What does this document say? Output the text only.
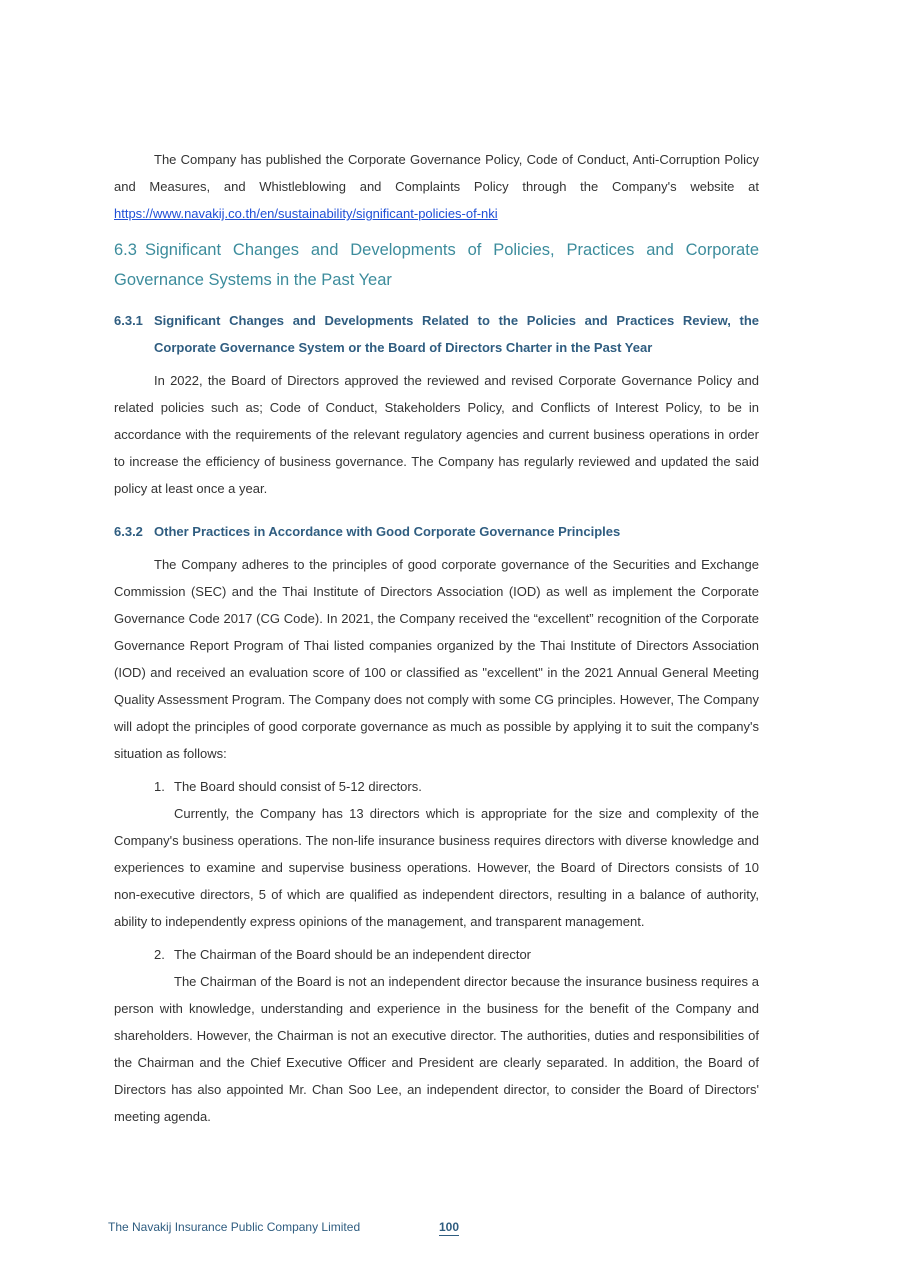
The Company has published the Corporate Governance Policy, Code of Conduct, Anti-Corruption Policy and Measures, and Whistleblowing and Complaints Policy through the Company's website at https://www.navakij.co.th/en/sustainability/significant-policies-of-nki

6.3 Significant Changes and Developments of Policies, Practices and Corporate Governance Systems in the Past Year
6.3.1 Significant Changes and Developments Related to the Policies and Practices Review, the Corporate Governance System or the Board of Directors Charter in the Past Year

In 2022, the Board of Directors approved the reviewed and revised Corporate Governance Policy and related policies such as; Code of Conduct, Stakeholders Policy, and Conflicts of Interest Policy, to be in accordance with the requirements of the relevant regulatory agencies and current business operations in order to increase the efficiency of business governance. The Company has regularly reviewed and updated the said policy at least once a year.

6.3.2 Other Practices in Accordance with Good Corporate Governance Principles

The Company adheres to the principles of good corporate governance of the Securities and Exchange Commission (SEC) and the Thai Institute of Directors Association (IOD) as well as implement the Corporate Governance Code 2017 (CG Code). In 2021, the Company received the “excellent” recognition of the Corporate Governance Report Program of Thai listed companies organized by the Thai Institute of Directors Association (IOD) and received an evaluation score of 100 or classified as "excellent" in the 2021 Annual General Meeting Quality Assessment Program. The Company does not comply with some CG principles. However, The Company will adopt the principles of good corporate governance as much as possible by applying it to suit the company's situation as follows:

1. The Board should consist of 5-12 directors.

Currently, the Company has 13 directors which is appropriate for the size and complexity of the Company's business operations. The non-life insurance business requires directors with diverse knowledge and experiences to examine and supervise business operations. However, the Board of Directors consists of 10 non-executive directors, 5 of which are qualified as independent directors, resulting in a balance of authority, ability to independently express opinions of the management, and transparent management.

2. The Chairman of the Board should be an independent director

The Chairman of the Board is not an independent director because the insurance business requires a person with knowledge, understanding and experience in the business for the benefit of the Company and shareholders. However, the Chairman is not an executive director. The authorities, duties and responsibilities of the Chairman and the Chief Executive Officer and President are clearly separated. In addition, the Board of Directors has also appointed Mr. Chan Soo Lee, an independent director, to consider the Board of Directors' meeting agenda.

The Navakij Insurance Public Company Limited	100
